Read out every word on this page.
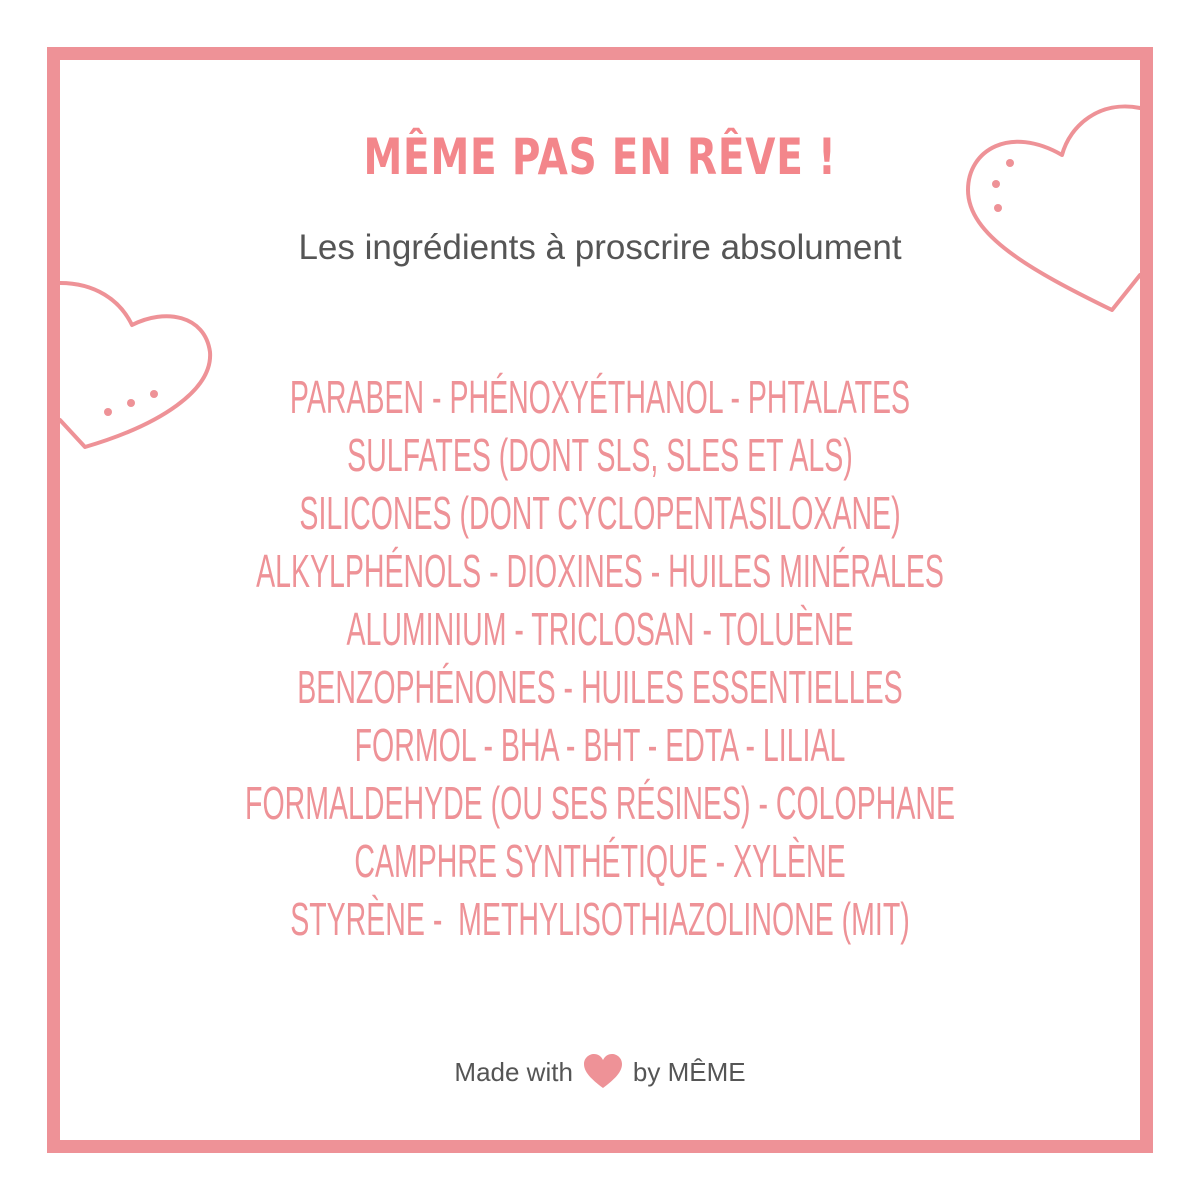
MÊME PAS EN RÊVE !
Les ingrédients à proscrire absolument
PARABEN - PHÉNOXYÉTHANOL - PHTALATES
SULFATES (DONT SLS, SLES ET ALS)
SILICONES (DONT CYCLOPENTASILOXANE)
ALKYLPHÉNOLS - DIOXINES - HUILES MINÉRALES
ALUMINIUM - TRICLOSAN - TOLUÈNE
BENZOPHÉNONES - HUILES ESSENTIELLES
FORMOL - BHA - BHT - EDTA - LILIAL
FORMALDEHYDE (OU SES RÉSINES) - COLOPHANE
CAMPHRE SYNTHÉTIQUE - XYLÈNE
STYRÈNE -  METHYLISOTHIAZOLINONE (MIT)
Made with by MÊME
